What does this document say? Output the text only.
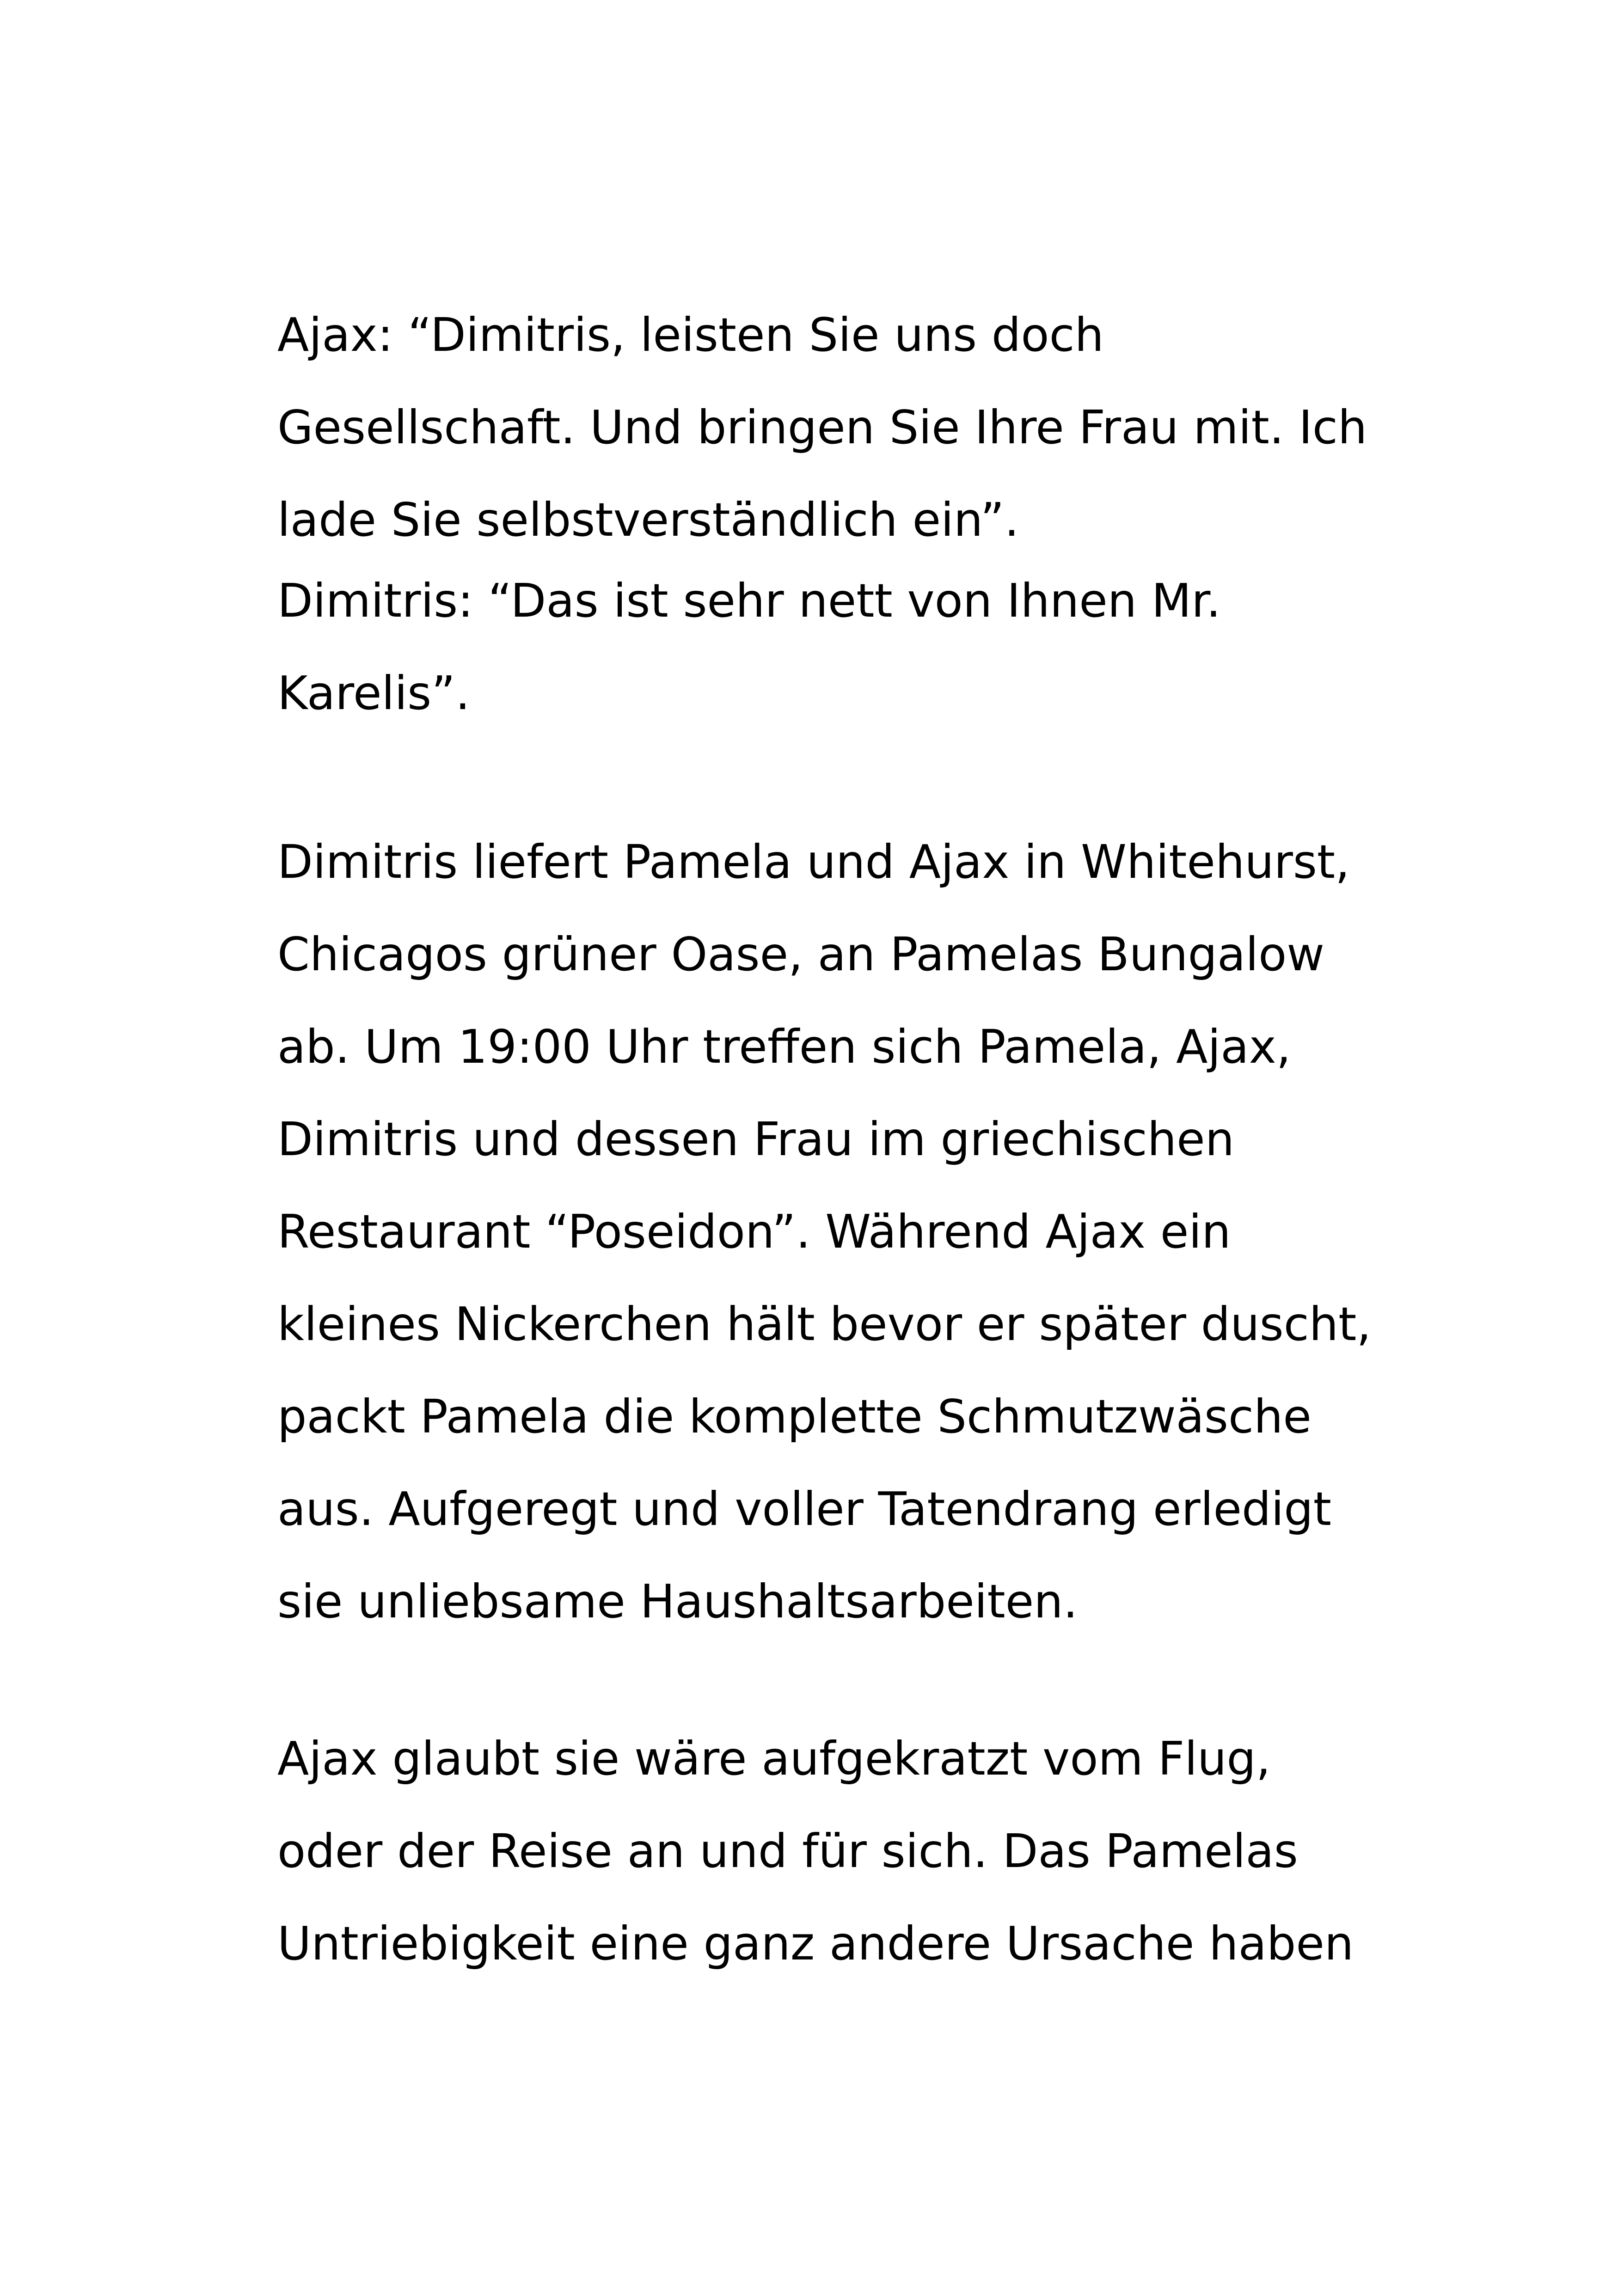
Ajax: “Dimitris, leisten Sie uns doch
Gesellschaft. Und bringen Sie Ihre Frau mit. Ich
lade Sie selbstverständlich ein”.
Dimitris: “Das ist sehr nett von Ihnen Mr.
Karelis”.
Dimitris liefert Pamela und Ajax in Whitehurst,
Chicagos grüner Oase, an Pamelas Bungalow
ab. Um 19:00 Uhr treffen sich Pamela, Ajax,
Dimitris und dessen Frau im griechischen
Restaurant “Poseidon”. Während Ajax ein
kleines Nickerchen hält bevor er später duscht,
packt Pamela die komplette Schmutzwäsche
aus. Aufgeregt und voller Tatendrang erledigt
sie unliebsame Haushaltsarbeiten.
Ajax glaubt sie wäre aufgekratzt vom Flug,
oder der Reise an und für sich. Das Pamelas
Untriebigkeit eine ganz andere Ursache haben
